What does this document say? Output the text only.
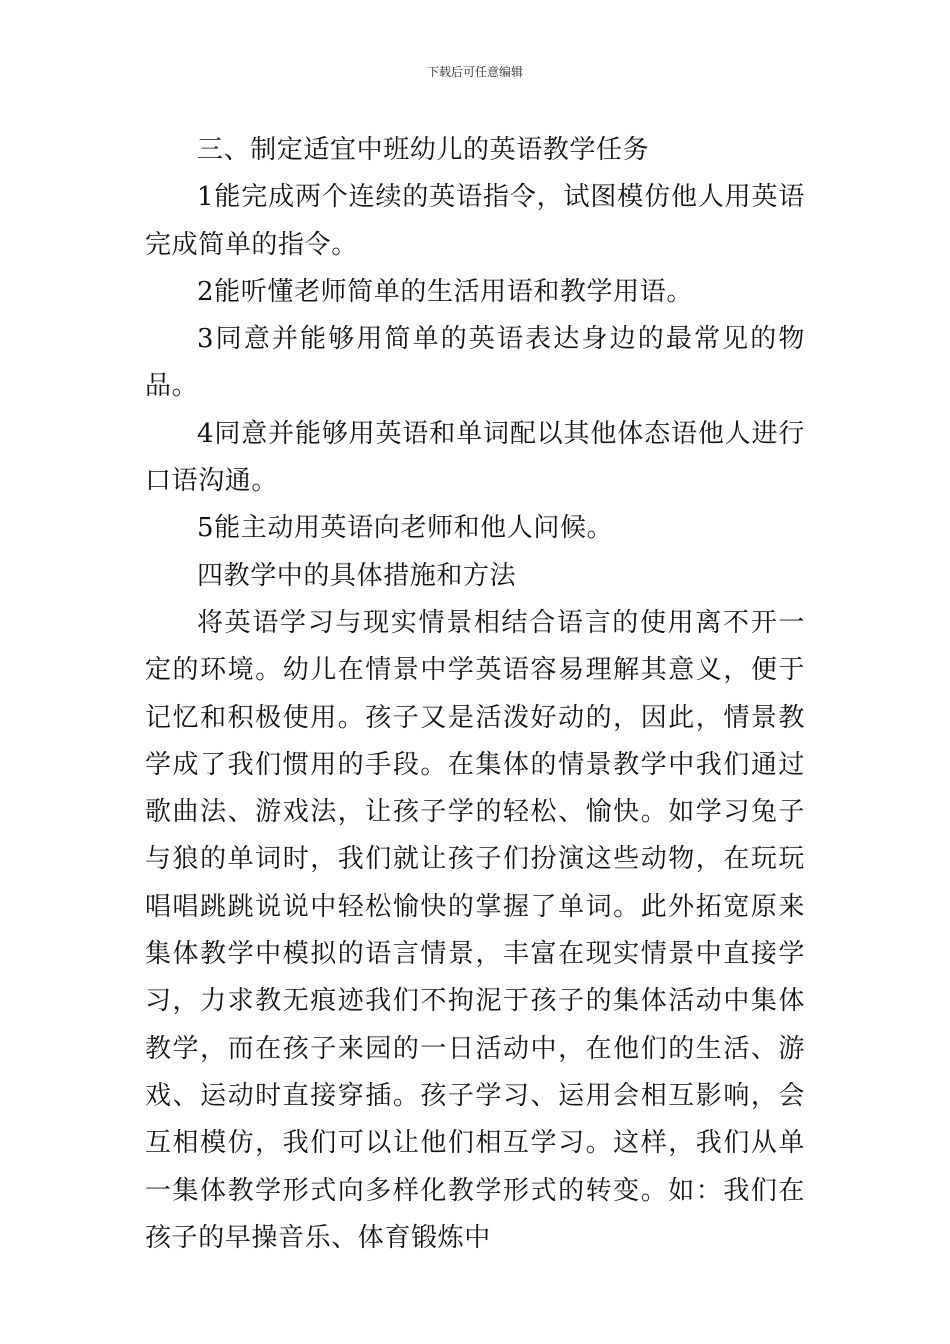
下载后可任意编辑

三、制定适宜中班幼儿的英语教学任务

1能完成两个连续的英语指令，试图模仿他人用英语完成简单的指令。

2能听懂老师简单的生活用语和教学用语。

3同意并能够用简单的英语表达身边的最常见的物品。

4同意并能够用英语和单词配以其他体态语他人进行口语沟通。

5能主动用英语向老师和他人问候。

四教学中的具体措施和方法

将英语学习与现实情景相结合语言的使用离不开一定的环境。幼儿在情景中学英语容易理解其意义，便于记忆和积极使用。孩子又是活泼好动的，因此，情景教学成了我们惯用的手段。在集体的情景教学中我们通过歌曲法、游戏法，让孩子学的轻松、愉快。如学习兔子与狼的单词时，我们就让孩子们扮演这些动物，在玩玩唱唱跳跳说说中轻松愉快的掌握了单词。此外拓宽原来集体教学中模拟的语言情景，丰富在现实情景中直接学习，力求教无痕迹我们不拘泥于孩子的集体活动中集体教学，而在孩子来园的一日活动中，在他们的生活、游戏、运动时直接穿插。孩子学习、运用会相互影响，会互相模仿，我们可以让他们相互学习。这样，我们从单一集体教学形式向多样化教学形式的转变。如：我们在孩子的早操音乐、体育锻炼中
